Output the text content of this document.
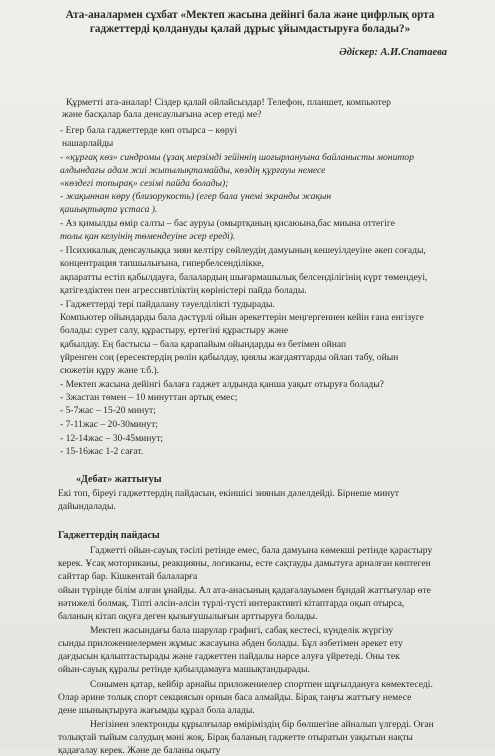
Ата-аналармен сұхбат «Мектеп жасына дейінгі бала және цифрлық орта
гаджеттерді қолдануды қалай дұрыс ұйымдастыруға болады?»
Әдіскер: А.И.Спатаева
Құрметті ата-аналар! Сіздер қалай ойлайсыздар! Телефон, планшет, компьютер
және басқалар бала денсаулығына әсер етеді ме?
- Егер бала гаджеттерде көп отырса – көруі
нашарлайды
- «құрғақ көз» синдромы (ұзақ мерзімді зейіннің шоғырлануына байланысты монитор
алдындағы адам жиі жыпылықтамайды, көздің құрғауы немесе
«көздегі топырақ» сезімі пайда болады);
- жақыннан көру (близорукость) (егер бала үнемі экранды жақын
қашықтықта ұстаса ).
- Аз қимылды өмір салты – бас ауруы (омыртқаның қисаюына,бас миына оттегіге
толы қан келуінің төмендеуіне әсер ереді).
- Психикалық денсаулыққа зиян келтіру сөйлеудің дамуының кешеуілдеуіне әкеп соғады,
концентрация тапшылығына, гипербелсенділікке,
ақпаратты естіп қабылдауға, балалардың шығармашылық белсенділігінің күрт төмендеуі,
қатігездіктен пен агрессивтіліктің көріністері пайда болады.
- Гаджеттерді тері пайдалану тәуелділікті тудырады.
Компьютер ойындарды бала дәстүрлі ойын әрекеттерін меңгергеннен кейін ғана енгізуге
болады: сурет салу, құрастыру, ертегіні құрастыру және
қабылдау. Ең бастысы – бала қарапайым ойындарды өз бетімен ойнап
үйренген соң (ересектердің рөлін қабылдау, қиялы жағдаяттарды ойлап табу, ойын
сюжетін құру және т.б.).
- Мектеп жасына дейінгі балаға гаджет алдында қанша уақыт отыруға болады?
- 3жастан төмен – 10 минуттан артық емес;
- 5-7жас – 15-20 минут;
- 7-11жас – 20-30минут;
- 12-14жас – 30-45минут;
- 15-16жас 1-2 сағат.
«Дебат» жаттығуы
Екі топ, біреуі гаджеттердің пайдасын, екіншісі зиянын дәлелдейді. Бірнеше минут
дайындалады.
Гаджеттердің пайдасы
Гаджетті ойын-сауық тәсілі ретінде емес, бала дамуына көмекші ретінде қарастыру
керек. Ұсақ моториканы, реакцияны, логиканы, есте сақтауды дамытуға арналған көптеген
сайттар бар. Кішкентай балаларға
ойын түрінде білім алған ұнайды. Ал ата-анасының қадағалауымен бұндай жаттығулар өте
нәтижелі болмақ. Тіпті әлсін-әлсін түрлі-түсті интерактивті кітаптарда оқып отырса,
баланың кітап оқуға деген қызығушылығын арттыруға болады.
Мектеп жасындағы бала шарулар графигі, сабақ кестесі, күнделік жүргізу
сынды приложениелермен жұмыс жасауына әбден болады. Бұл әзбетімен әрекет ету
дағдысын қалыптастырады және гаджеттен пайдалы нәрсе алуға үйретеді. Оны тек
ойын-сауық құралы ретінде қабылдамауға машықтандырады.
Сонымен қатар, кейбір арнайы приложениелер спортпен шұғылдануға көмектеседі.
Олар әрине толық спорт секциясын орнын баса алмайды. Бірақ таңғы жаттығу немесе
дене шынықтыруға жағымды құрал бола алады.
Негізінен электронды құрылғылар өміріміздің бір бөлшегіне айналып үлгерді. Оған
толықтай тыйым салудың мәні жоқ. Бірақ баланың гаджетте отыратын уақытын нақты
қадағалау керек. Және де баланы оқыту
